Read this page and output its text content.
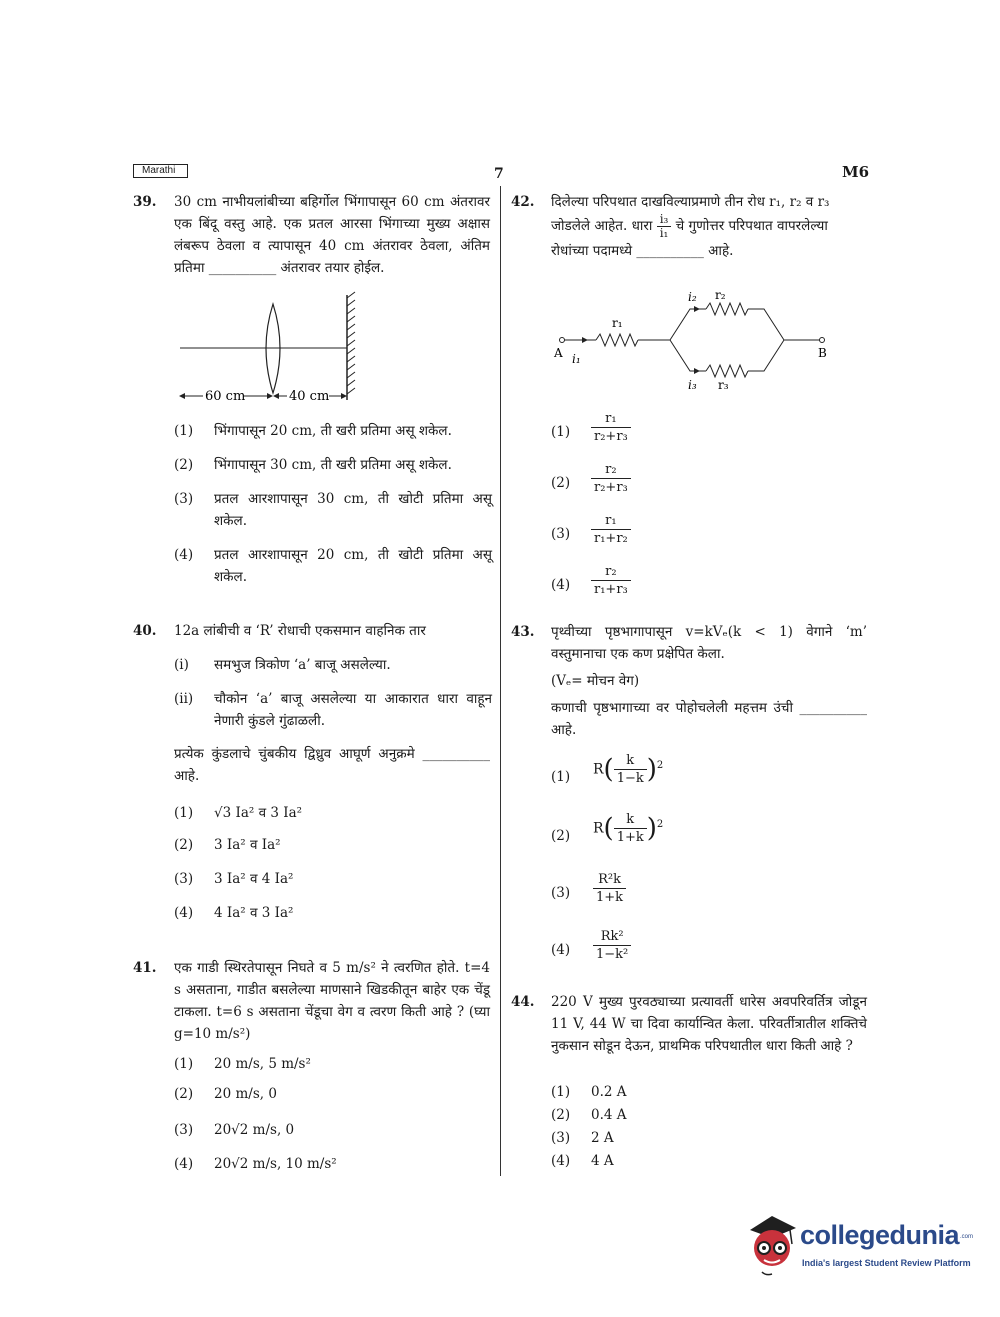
Marathi	7	M6
39. 30 cm नाभीयलांबीच्या बहिर्गोल भिंगापासून 60 cm अंतरावर एक बिंदू वस्तु आहे. एक प्रतल आरसा भिंगाच्या मुख्य अक्षास लंबरूप ठेवला व त्यापासून 40 cm अंतरावर ठेवला, अंतिम प्रतिमा __________ अंतरावर तयार होईल.
60 cm	40 cm
(1) भिंगापासून 20 cm, ती खरी प्रतिमा असू शकेल.
(2) भिंगापासून 30 cm, ती खरी प्रतिमा असू शकेल.
(3) प्रतल आरशापासून 30 cm, ती खोटी प्रतिमा असू शकेल.
(4) प्रतल आरशापासून 20 cm, ती खोटी प्रतिमा असू शकेल.
40. 12a लांबीची व ‘R’ रोधाची एकसमान वाहनिक तार
(i) समभुज त्रिकोण ‘a’ बाजू असलेल्या.
(ii) चौकोन ‘a’ बाजू असलेल्या या आकारात धारा वाहून नेणारी कुंडले गुंढाळली.
प्रत्येक कुंडलाचे चुंबकीय द्विध्रुव आघूर्ण अनुक्रमे __________ आहे.
(1) √3 Ia² व 3 Ia²
(2) 3 Ia² व Ia²
(3) 3 Ia² व 4 Ia²
(4) 4 Ia² व 3 Ia²
41. एक गाडी स्थिरतेपासून निघते व 5 m/s² ने त्वरणित होते. t=4 s असताना, गाडीत बसलेल्या माणसाने खिडकीतून बाहेर एक चेंडू टाकला. t=6 s असताना चेंडूचा वेग व त्वरण किती आहे ? (घ्या g=10 m/s²)
(1) 20 m/s, 5 m/s²
(2) 20 m/s, 0
(3) 20√2 m/s, 0
(4) 20√2 m/s, 10 m/s²
42. दिलेल्या परिपथात दाखविल्याप्रमाणे तीन रोध r₁, r₂ व r₃ जोडलेले आहेत. धारा $\frac{\text{i₃}}{\text{i₁}}$ चे गुणोत्तर परिपथात वापरलेल्या रोधांच्या पदामध्ये __________ आहे.
A i₁
r₁
i₂ r₂
i₃ r₃
B
$(1) \frac{\text{r₁}}{\text{r₂+r₃}}$
$(2) \frac{\text{r₂}}{\text{r₂+r₃}}$
$(3) \frac{\text{r₁}}{\text{r₁+r₂}}$
$(4) \frac{\text{r₂}}{\text{r₁+r₃}}$
43. पृथ्वीच्या पृष्ठभागापासून v=kVₑ(k < 1) वेगाने ‘m’ वस्तुमानाचा एक कण प्रक्षेपित केला.
(Vₑ= मोचन वेग)
कणाची पृष्ठभागाच्या वर पोहोचलेली महत्तम उंची __________ आहे.
(1) $R( \frac{k}{1-k} )^2$
(2) $R( \frac{k}{1+k} )^2$
$(3) \frac{\text{R²k}}{1+k}$
$(4) \frac{\text{Rk²}}{\text{1−k²}}$
44. 220 V मुख्य पुरवठ्याच्या प्रत्यावर्ती धारेस अवपरिवर्तित्र जोडून 11 V, 44 W चा दिवा कार्यान्वित केला. परिवर्तीत्रातील शक्तिचे नुकसान सोडून देऊन, प्राथमिक परिपथातील धारा किती आहे ?
(1) 0.2 A
(2) 0.4 A
(3) 2 A
(4) 4 A
collegedunia .com
India's largest Student Review Platform
